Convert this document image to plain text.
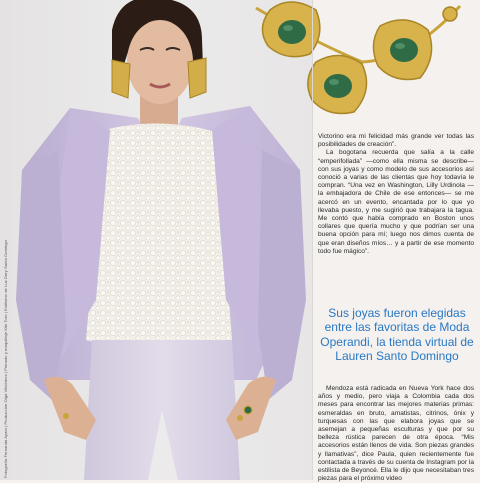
Fotografía Fernanda Ayala | Producción Olga Villalobos | Peinado y maquillaje Kiki Toro | Estilismo de Luz Dary Santo Domingo

Victorino era mi felicidad más grande ver todas las posibilidades de creación”.

La bogotana recuerda que salía a la calle “emperifollada” —como ella misma se describe— con sus joyas y como modelo de sus accesorios así conoció a varias de las clientas que hoy todavía le compran. “Una vez en Washington, Lilly Urdinola —la embajadora de Chile de ese entonces— se me acercó en un evento, encantada por lo que yo llevaba puesto, y me sugirió que trabajara la tagua. Me contó que había comprado en Boston unos collares que quería mucho y que podrían ser una buena opción para mí; luego nos dimos cuenta de que eran diseños míos… y a partir de ese momento todo fue mágico”.

Sus joyas fueron elegidas entre las favoritas de Moda Operandi, la tienda virtual de Lauren Santo Domingo

Mendoza está radicada en Nueva York hace dos años y medio, pero viaja a Colombia cada dos meses para encontrar las mejores materias primas: esmeraldas en bruto, amatistas, citrinos, ónix y turquesas con las que elabora joyas que se asemejan a pequeñas esculturas y que por su belleza rústica parecen de otra época. “Mis accesorios están llenos de vida. Son piezas grandes y llamativas”, dice Paula, quien recientemente fue contactada a través de su cuenta de Instagram por la estilista de Beyoncé. Ella le dijo que necesitaban tres piezas para el próximo video
